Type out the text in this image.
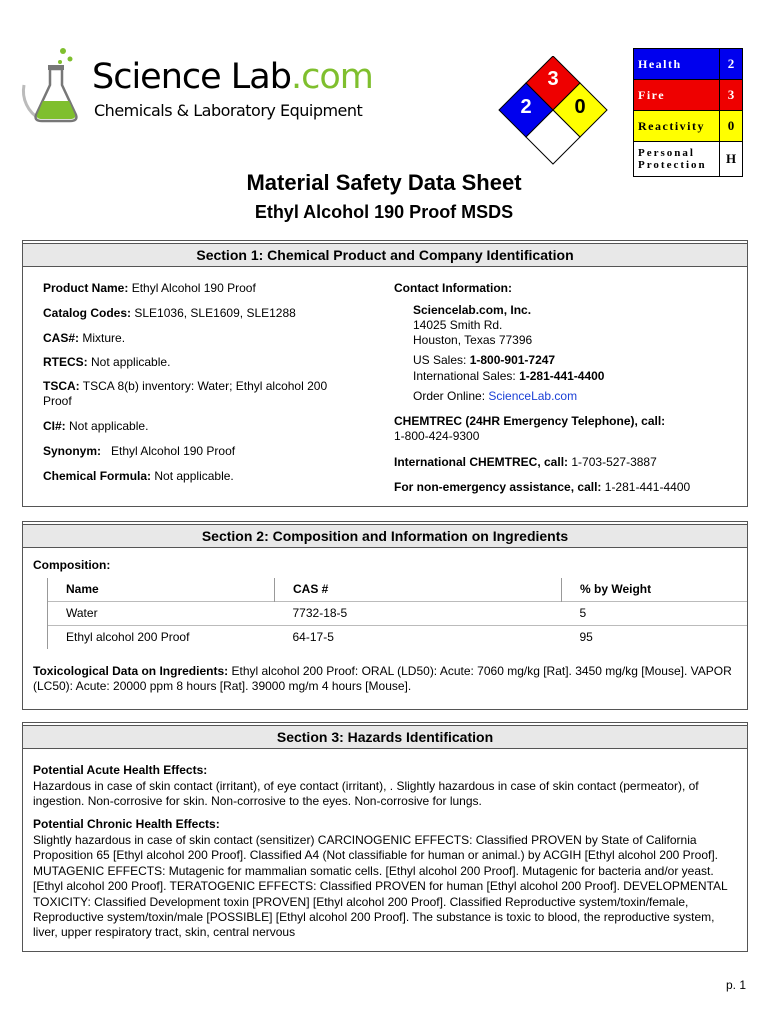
Science Lab.com
Chemicals & Laboratory Equipment
3
2 0
Health	2
Fire	3
Reactivity	0
Personal
Protection	H
Material Safety Data Sheet
Ethyl Alcohol 190 Proof MSDS
Section 1: Chemical Product and Company Identification
Product Name: Ethyl Alcohol 190 Proof
Catalog Codes: SLE1036, SLE1609, SLE1288
CAS#: Mixture.
RTECS: Not applicable.
TSCA: TSCA 8(b) inventory: Water; Ethyl alcohol 200
Proof
CI#: Not applicable.
Synonym: Ethyl Alcohol 190 Proof
Chemical Formula: Not applicable.
Contact Information:
Sciencelab.com, Inc.
14025 Smith Rd.
Houston, Texas 77396
US Sales: 1-800-901-7247
International Sales: 1-281-441-4400
Order Online: ScienceLab.com
CHEMTREC (24HR Emergency Telephone), call:
1-800-424-9300
International CHEMTREC, call: 1-703-527-3887
For non-emergency assistance, call: 1-281-441-4400
Section 2: Composition and Information on Ingredients
Composition:
Name	CAS #	% by Weight
Water	7732-18-5	5
Ethyl alcohol 200 Proof	64-17-5	95
Toxicological Data on Ingredients: Ethyl alcohol 200 Proof: ORAL (LD50): Acute: 7060 mg/kg [Rat]. 3450 mg/kg [Mouse]. VAPOR (LC50): Acute: 20000 ppm 8 hours [Rat]. 39000 mg/m 4 hours [Mouse].
Section 3: Hazards Identification
Potential Acute Health Effects:
Hazardous in case of skin contact (irritant), of eye contact (irritant), . Slightly hazardous in case of skin contact (permeator), of ingestion. Non-corrosive for skin. Non-corrosive to the eyes. Non-corrosive for lungs.
Potential Chronic Health Effects:
Slightly hazardous in case of skin contact (sensitizer) CARCINOGENIC EFFECTS: Classified PROVEN by State of California Proposition 65 [Ethyl alcohol 200 Proof]. Classified A4 (Not classifiable for human or animal.) by ACGIH [Ethyl alcohol 200 Proof]. MUTAGENIC EFFECTS: Mutagenic for mammalian somatic cells. [Ethyl alcohol 200 Proof]. Mutagenic for bacteria and/or yeast. [Ethyl alcohol 200 Proof]. TERATOGENIC EFFECTS: Classified PROVEN for human [Ethyl alcohol 200 Proof]. DEVELOPMENTAL TOXICITY: Classified Development toxin [PROVEN] [Ethyl alcohol 200 Proof]. Classified Reproductive system/toxin/female, Reproductive system/toxin/male [POSSIBLE] [Ethyl alcohol 200 Proof]. The substance is toxic to blood, the reproductive system, liver, upper respiratory tract, skin, central nervous
p. 1
